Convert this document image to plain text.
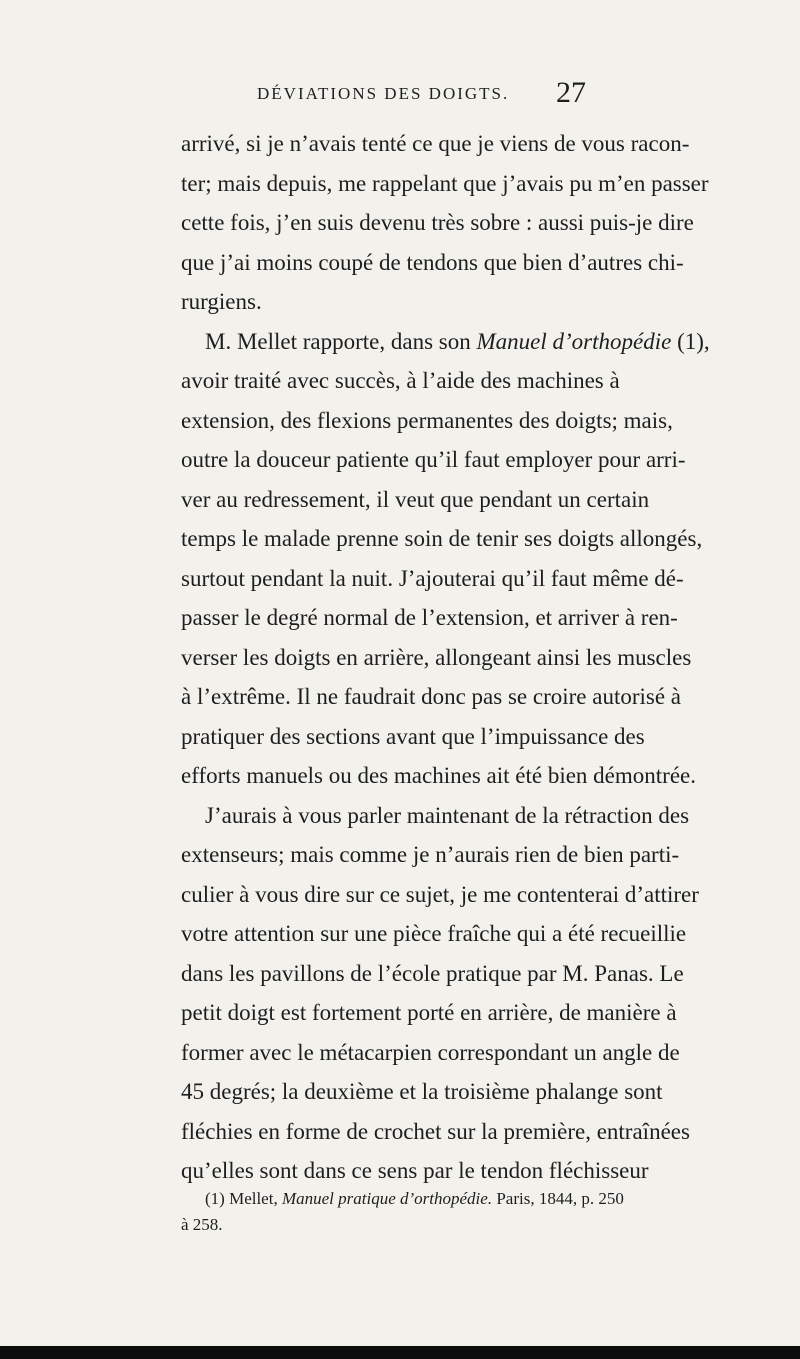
DÉVIATIONS DES DOIGTS. 27
arrivé, si je n’avais tenté ce que je viens de vous racon-
ter; mais depuis, me rappelant que j’avais pu m’en passer
cette fois, j’en suis devenu très sobre : aussi puis-je dire
que j’ai moins coupé de tendons que bien d’autres chi-
rurgiens.
M. Mellet rapporte, dans son Manuel d’orthopédie (1),
avoir traité avec succès, à l’aide des machines à
extension, des flexions permanentes des doigts; mais,
outre la douceur patiente qu’il faut employer pour arri-
ver au redressement, il veut que pendant un certain
temps le malade prenne soin de tenir ses doigts allongés,
surtout pendant la nuit. J’ajouterai qu’il faut même dé-
passer le degré normal de l’extension, et arriver à ren-
verser les doigts en arrière, allongeant ainsi les muscles
à l’extrême. Il ne faudrait donc pas se croire autorisé à
pratiquer des sections avant que l’impuissance des
efforts manuels ou des machines ait été bien démontrée.
J’aurais à vous parler maintenant de la rétraction des
extenseurs; mais comme je n’aurais rien de bien parti-
culier à vous dire sur ce sujet, je me contenterai d’attirer
votre attention sur une pièce fraîche qui a été recueillie
dans les pavillons de l’école pratique par M. Panas. Le
petit doigt est fortement porté en arrière, de manière à
former avec le métacarpien correspondant un angle de
45 degrés; la deuxième et la troisième phalange sont
fléchies en forme de crochet sur la première, entraînées
qu’elles sont dans ce sens par le tendon fléchisseur
(1) Mellet, Manuel pratique d’orthopédie. Paris, 1844, p. 250
à 258.
